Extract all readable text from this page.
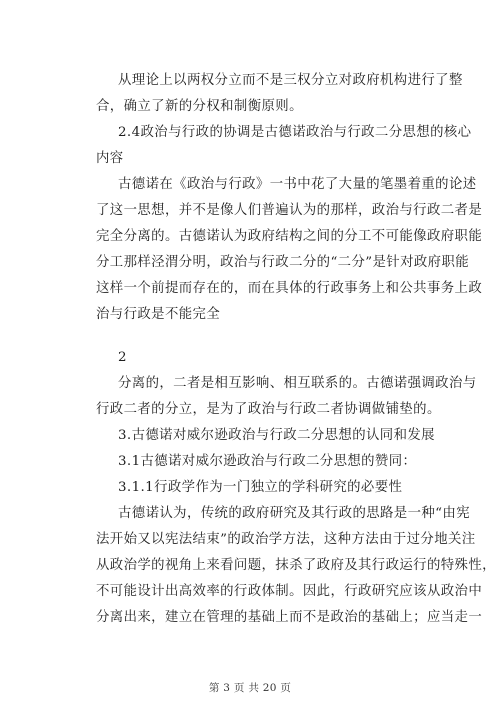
从理论上以两权分立而不是三权分立对政府机构进行了整
合，确立了新的分权和制衡原则。
2.4政治与行政的协调是古德诺政治与行政二分思想的核心
内容
古德诺在《政治与行政》一书中花了大量的笔墨着重的论述
了这一思想，并不是像人们普遍认为的那样，政治与行政二者是
完全分离的。古德诺认为政府结构之间的分工不可能像政府职能
分工那样泾渭分明，政治与行政二分的“二分”是针对政府职能
这样一个前提而存在的，而在具体的行政事务上和公共事务上政
治与行政是不能完全
2
分离的，二者是相互影响、相互联系的。古德诺强调政治与
行政二者的分立，是为了政治与行政二者协调做铺垫的。
3.古德诺对威尔逊政治与行政二分思想的认同和发展
3.1古德诺对威尔逊政治与行政二分思想的赞同：
3.1.1行政学作为一门独立的学科研究的必要性
古德诺认为，传统的政府研究及其行政的思路是一种“由宪
法开始又以宪法结束”的政治学方法，这种方法由于过分地关注
从政治学的视角上来看问题，抹杀了政府及其行政运行的特殊性，
不可能设计出高效率的行政体制。因此，行政研究应该从政治中
分离出来，建立在管理的基础上而不是政治的基础上；应当走一
第 3 页 共 20 页
